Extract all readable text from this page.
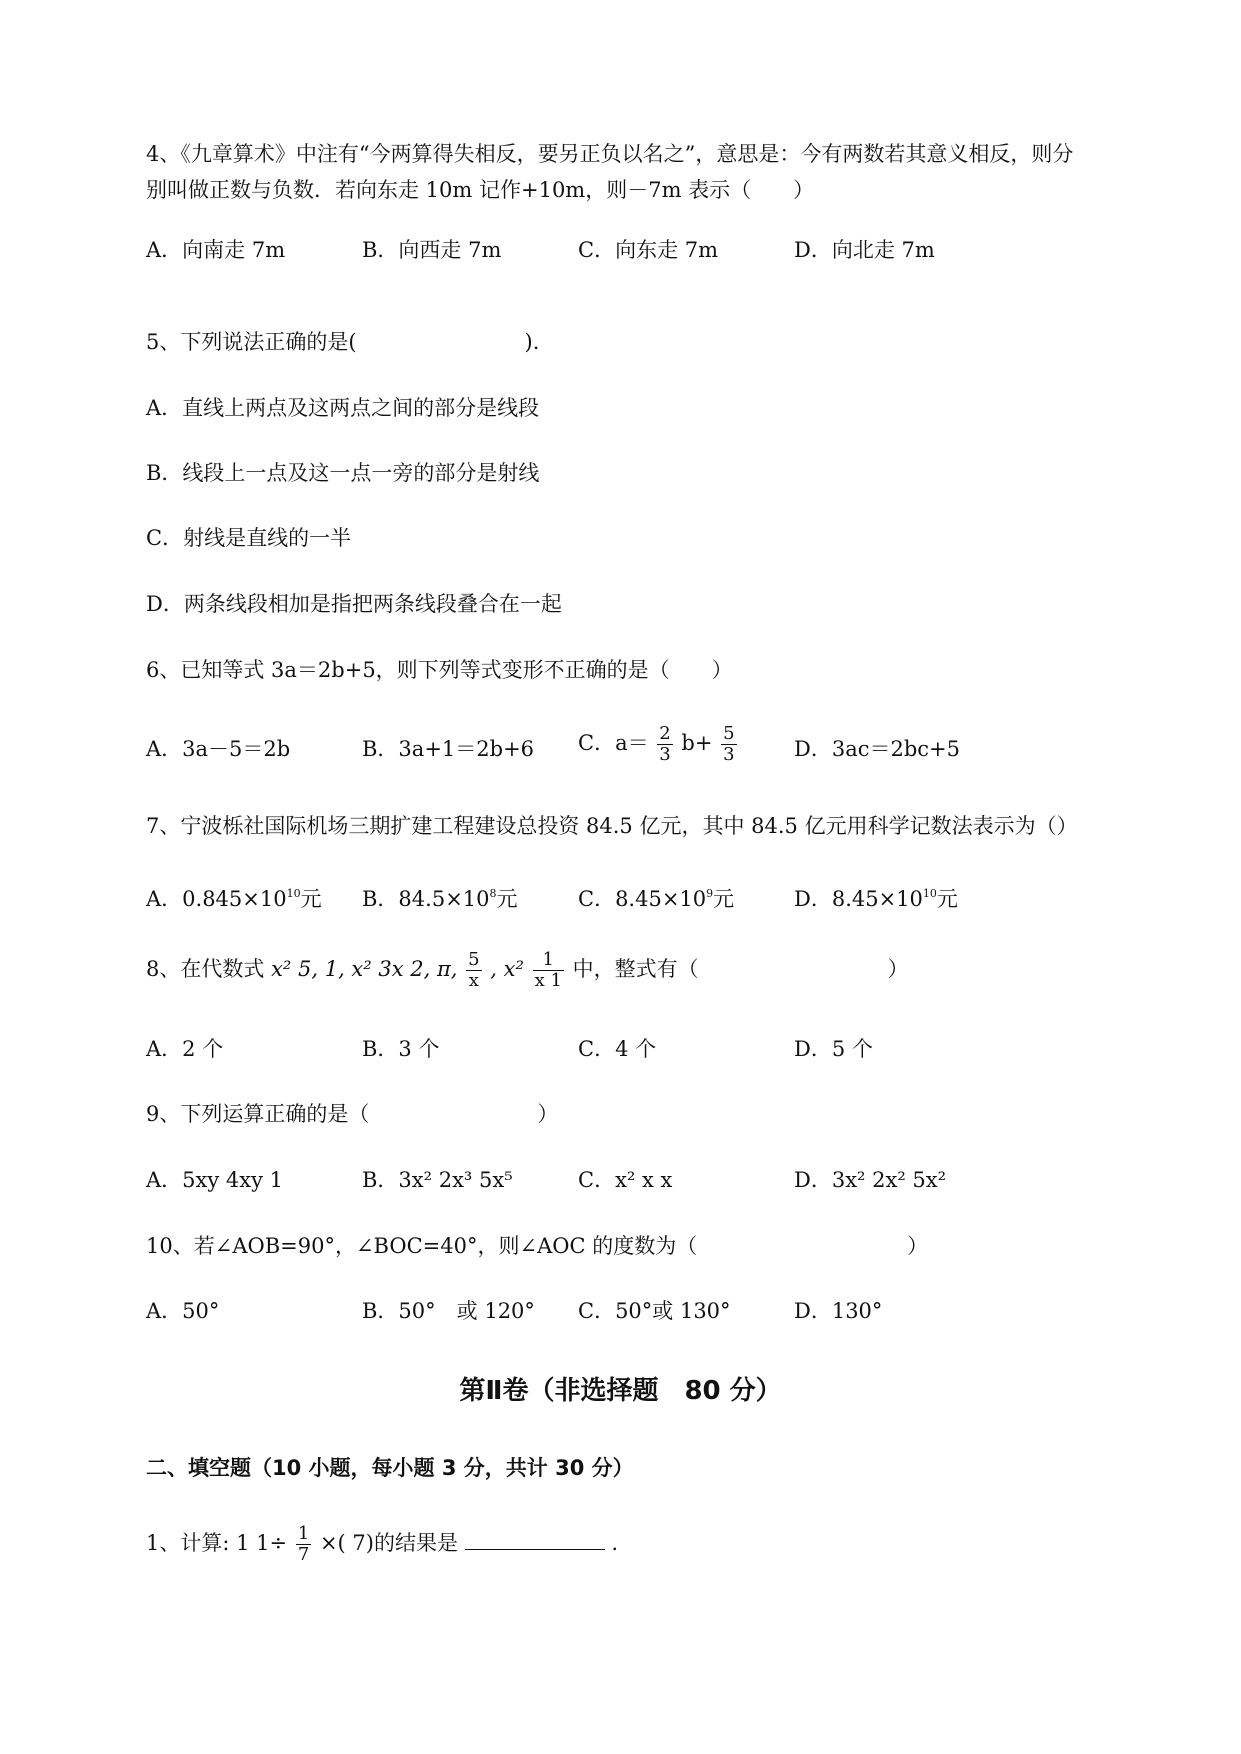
4、《九章算术》中注有“今两算得失相反，要另正负以名之”，意思是：今有两数若其意义相反，则分
别叫做正数与负数．若向东走 10m 记作+10m，则－7m 表示（　　）
A．向南走 7m	B．向西走 7m	C．向东走 7m	D．向北走 7m
5、下列说法正确的是(　　　　　　　　).
A．直线上两点及这两点之间的部分是线段
B．线段上一点及这一点一旁的部分是射线
C．射线是直线的一半
D．两条线段相加是指把两条线段叠合在一起
6、已知等式 3a＝2b+5，则下列等式变形不正确的是（　　）
A．3a－5＝2b	B．3a+1＝2b+6 C．$a= \frac{2}{3} b+ \frac{5}{3}$	D．3ac＝2bc+5
7、宁波栎社国际机场三期扩建工程建设总投资 84.5 亿元，其中 84.5 亿元用科学记数法表示为（）
A．$0.845\times 10^{10}$元 B．$84.5\times 10^8$元	C．$8.45\times 10^9$元	D．$8.45\times 10^{10}$元
8、在代数式 x² 5, 1, x² 3x 2, π, $\frac{5}{x}$ , $x^2 \frac{1}{x 1}$ 中，整式有（　　　　　　　　　）
A．2 个	B．3 个	C．4 个	D．5 个
9、下列运算正确的是（　　　　　　　　）
A．5xy 4xy 1	B．3x² 2x³ 5x⁵	C．x² x x	D．3x² 2x² 5x²
10、若∠AOB=90°，∠BOC=40°，则∠AOC 的度数为（　　　　　　　　　　）
A．50°	B．50°　或 120° C．50°或 130°	D．130°
第Ⅱ卷（非选择题　80 分）
二、填空题（10 小题，每小题 3 分，共计 30 分）
1、计算: 1 $1\div \frac{1}{7}$ ×( 7)的结果是	.
